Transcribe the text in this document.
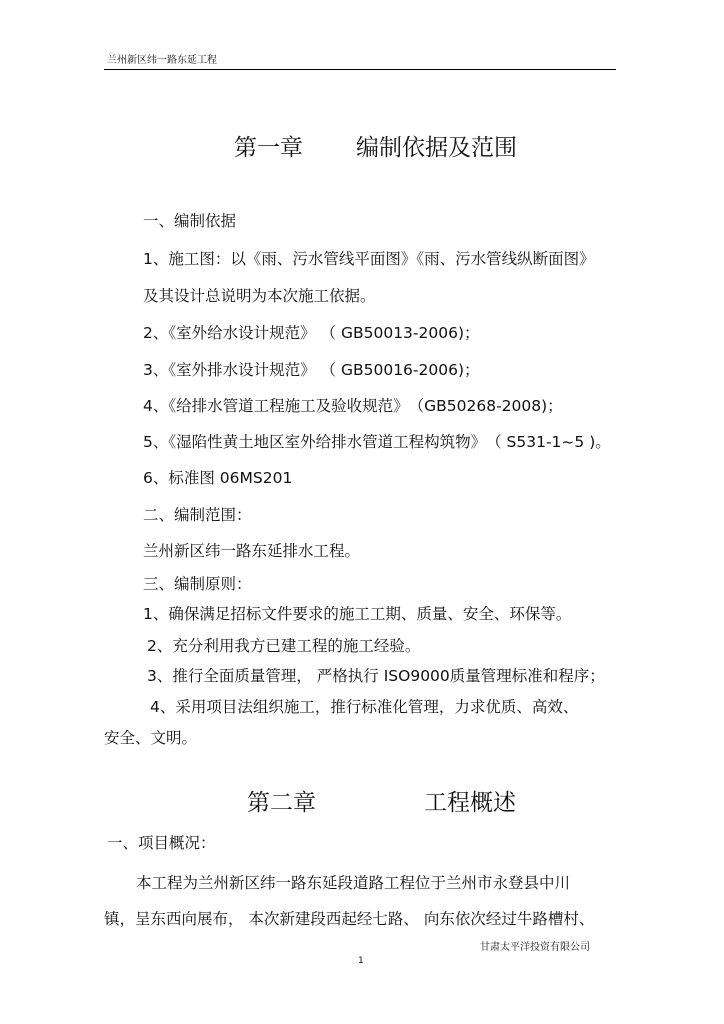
兰州新区纬一路东延工程
第一章 编制依据及范围
一、编制依据
1、施工图：以《雨、污水管线平面图》《雨、污水管线纵断面图》
及其设计总说明为本次施工依据。
2、《室外给水设计规范》 （ GB50013-2006)；
3、《室外排水设计规范》 （ GB50016-2006)；
4、《给排水管道工程施工及验收规范》　（GB50268-2008)；
5、《湿陷性黄土地区室外给排水管道工程构筑物》　（ S531-1~5 )。
6、标准图 06MS201
二、编制范围：
兰州新区纬一路东延排水工程。
三、编制原则：
1、确保满足招标文件要求的施工工期、质量、安全、环保等。
2、充分利用我方已建工程的施工经验。
3、推行全面质量管理， 严格执行 ISO9000质量管理标准和程序；
4、采用项目法组织施工，推行标准化管理，力求优质、高效、
安全、文明。
第二章	工程概述
一、项目概况：
本工程为兰州新区纬一路东延段道路工程位于兰州市永登县中川
镇，呈东西向展布， 本次新建段西起经七路、 向东依次经过牛路槽村、
甘肃太平洋投资有限公司
1
